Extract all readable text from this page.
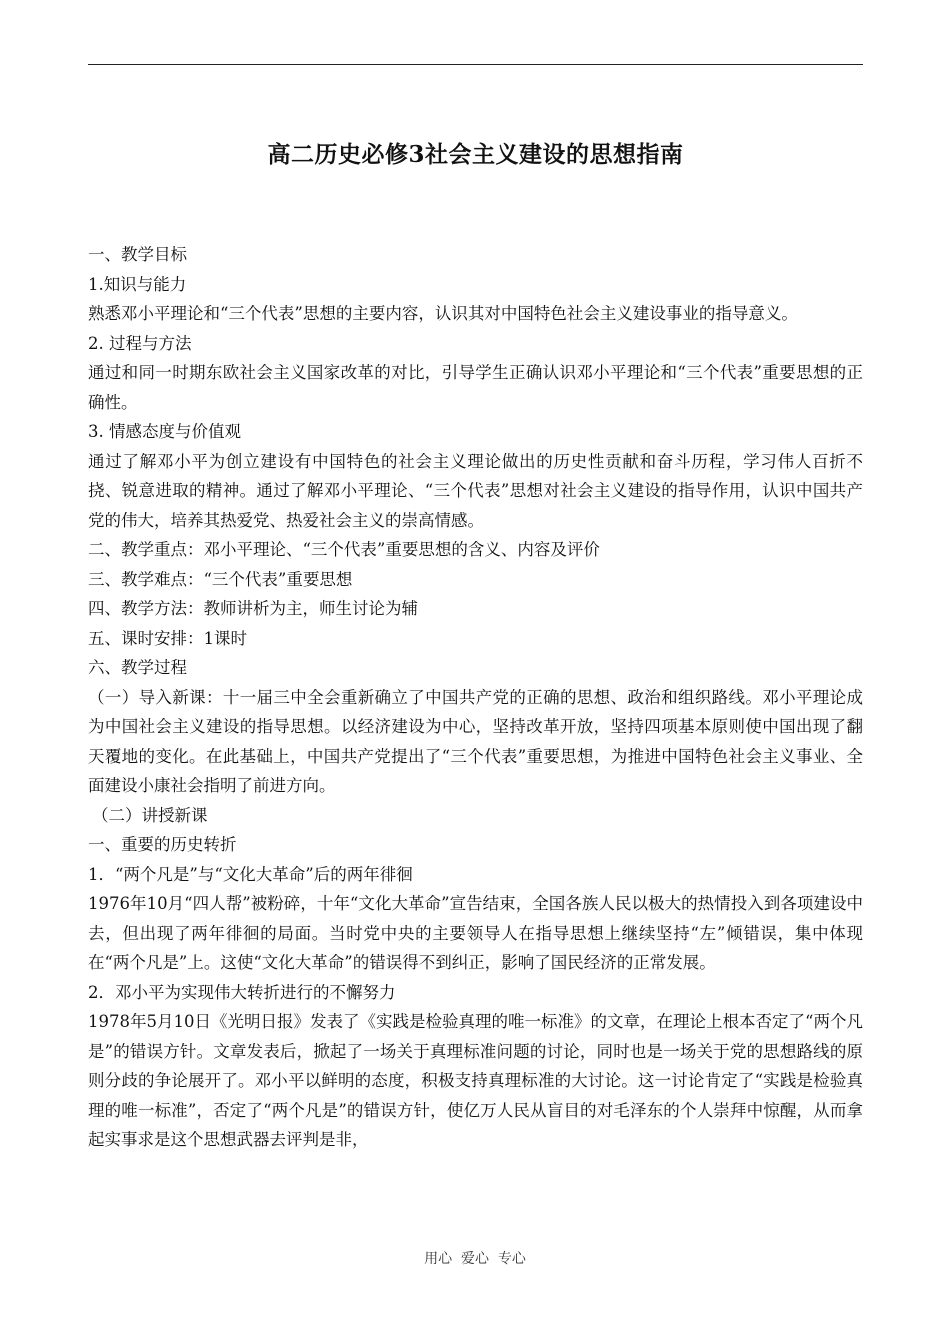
高二历史必修3社会主义建设的思想指南

一、教学目标

1.知识与能力

熟悉邓小平理论和“三个代表”思想的主要内容，认识其对中国特色社会主义建设事业的指导意义。

2. 过程与方法

通过和同一时期东欧社会主义国家改革的对比，引导学生正确认识邓小平理论和“三个代表”重要思想的正确性。

3. 情感态度与价值观

通过了解邓小平为创立建设有中国特色的社会主义理论做出的历史性贡献和奋斗历程，学习伟人百折不挠、锐意进取的精神。通过了解邓小平理论、“三个代表”思想对社会主义建设的指导作用，认识中国共产党的伟大，培养其热爱党、热爱社会主义的崇高情感。

二、教学重点：邓小平理论、“三个代表”重要思想的含义、内容及评价

三、教学难点：“三个代表”重要思想

四、教学方法：教师讲析为主，师生讨论为辅

五、课时安排：1课时

六、教学过程

（一）导入新课：十一届三中全会重新确立了中国共产党的正确的思想、政治和组织路线。邓小平理论成为中国社会主义建设的指导思想。以经济建设为中心，坚持改革开放，坚持四项基本原则使中国出现了翻天覆地的变化。在此基础上，中国共产党提出了“三个代表”重要思想，为推进中国特色社会主义事业、全面建设小康社会指明了前进方向。

（二）讲授新课

一、重要的历史转折

1．“两个凡是”与“文化大革命”后的两年徘徊

1976年10月“四人帮”被粉碎，十年“文化大革命”宣告结束，全国各族人民以极大的热情投入到各项建设中去，但出现了两年徘徊的局面。当时党中央的主要领导人在指导思想上继续坚持“左”倾错误，集中体现在“两个凡是”上。这使“文化大革命”的错误得不到纠正，影响了国民经济的正常发展。

2．邓小平为实现伟大转折进行的不懈努力

1978年5月10日《光明日报》发表了《实践是检验真理的唯一标准》的文章，在理论上根本否定了“两个凡是”的错误方针。文章发表后，掀起了一场关于真理标准问题的讨论，同时也是一场关于党的思想路线的原则分歧的争论展开了。邓小平以鲜明的态度，积极支持真理标准的大讨论。这一讨论肯定了“实践是检验真理的唯一标准”，否定了“两个凡是”的错误方针，使亿万人民从盲目的对毛泽东的个人崇拜中惊醒，从而拿起实事求是这个思想武器去评判是非，

用心  爱心  专心
